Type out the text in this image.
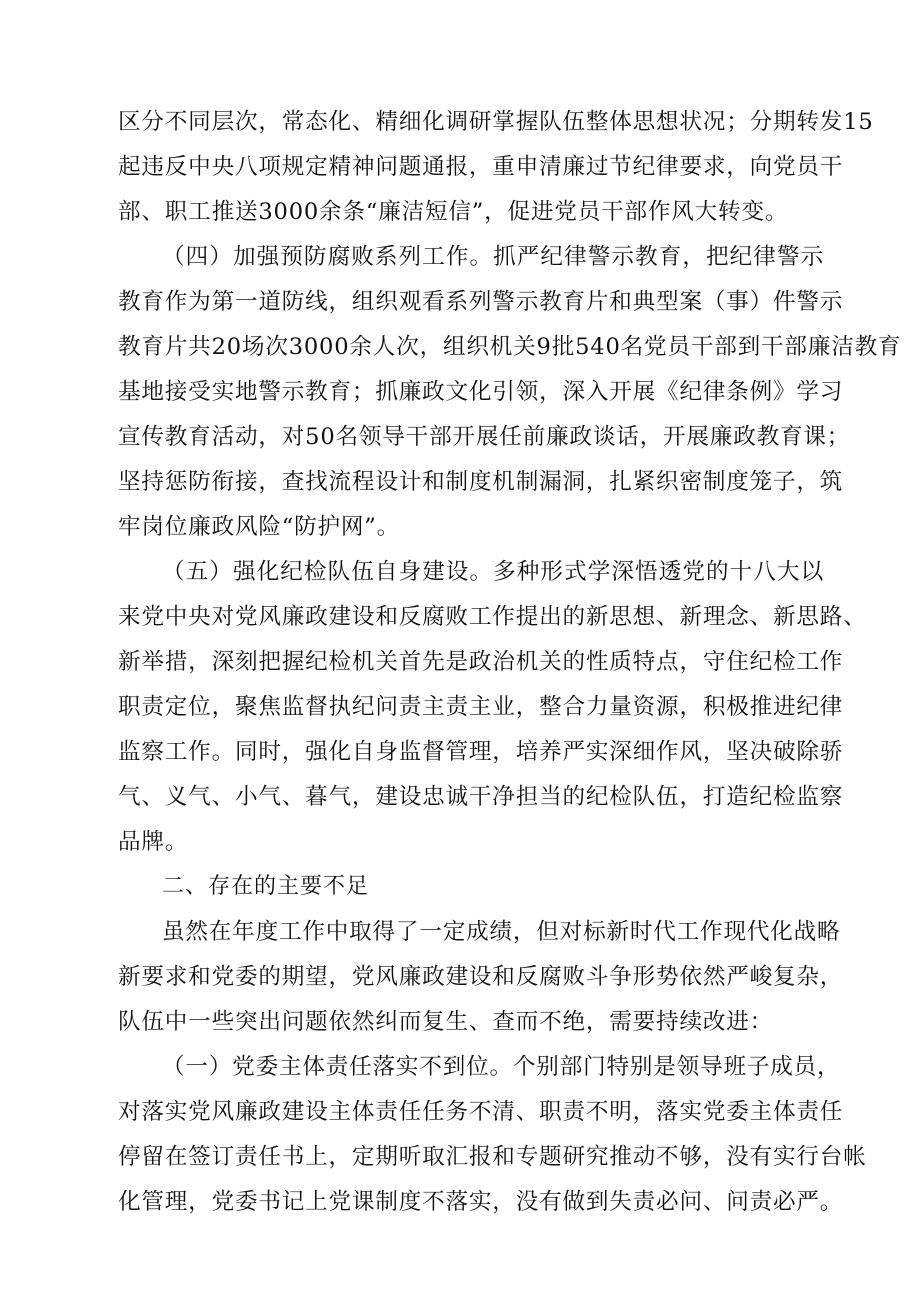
区分不同层次，常态化、精细化调研掌握队伍整体思想状况；分期转发15
起违反中央八项规定精神问题通报，重申清廉过节纪律要求，向党员干
部、职工推送3000余条“廉洁短信”，促进党员干部作风大转变。
（四）加强预防腐败系列工作。抓严纪律警示教育，把纪律警示
教育作为第一道防线，组织观看系列警示教育片和典型案（事）件警示
教育片共20场次3000余人次，组织机关9批540名党员干部到干部廉洁教育
基地接受实地警示教育；抓廉政文化引领，深入开展《纪律条例》学习
宣传教育活动，对50名领导干部开展任前廉政谈话，开展廉政教育课；
坚持惩防衔接，查找流程设计和制度机制漏洞，扎紧织密制度笼子，筑
牢岗位廉政风险“防护网”。
（五）强化纪检队伍自身建设。多种形式学深悟透党的十八大以
来党中央对党风廉政建设和反腐败工作提出的新思想、新理念、新思路、
新举措，深刻把握纪检机关首先是政治机关的性质特点，守住纪检工作
职责定位，聚焦监督执纪问责主责主业，整合力量资源，积极推进纪律
监察工作。同时，强化自身监督管理，培养严实深细作风，坚决破除骄
气、义气、小气、暮气，建设忠诚干净担当的纪检队伍，打造纪检监察
品牌。
二、存在的主要不足
虽然在年度工作中取得了一定成绩，但对标新时代工作现代化战略
新要求和党委的期望，党风廉政建设和反腐败斗争形势依然严峻复杂，
队伍中一些突出问题依然纠而复生、查而不绝，需要持续改进：
（一）党委主体责任落实不到位。个别部门特别是领导班子成员，
对落实党风廉政建设主体责任任务不清、职责不明，落实党委主体责任
停留在签订责任书上，定期听取汇报和专题研究推动不够，没有实行台帐
化管理，党委书记上党课制度不落实，没有做到失责必问、问责必严。
